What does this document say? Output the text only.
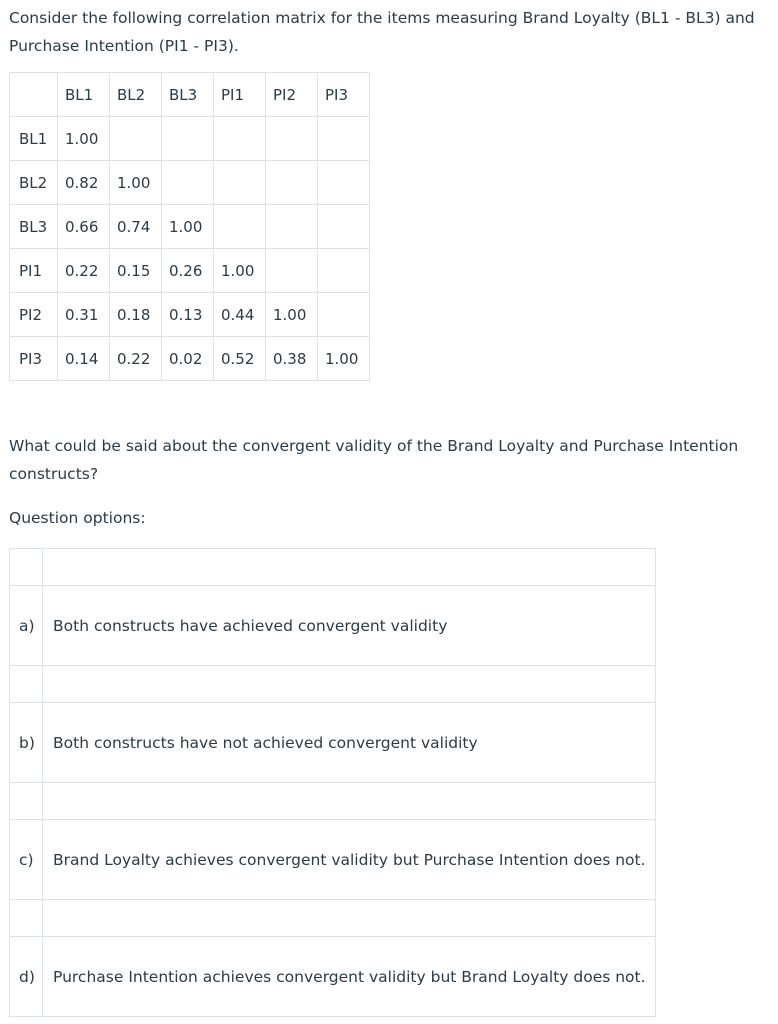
Consider the following correlation matrix for the items measuring Brand Loyalty (BL1 - BL3) and Purchase Intention (PI1 - PI3).

	BL1	BL2	BL3	PI1	PI2	PI3
BL1	1.00					
BL2	0.82	1.00				
BL3	0.66	0.74	1.00			
PI1	0.22	0.15	0.26	1.00		
PI2	0.31	0.18	0.13	0.44	1.00	
PI3	0.14	0.22	0.02	0.52	0.38	1.00

What could be said about the convergent validity of the Brand Loyalty and Purchase Intention constructs?

Question options:

a)	Both constructs have achieved convergent validity

b)	Both constructs have not achieved convergent validity

c)	Brand Loyalty achieves convergent validity but Purchase Intention does not.

d)	Purchase Intention achieves convergent validity but Brand Loyalty does not.
